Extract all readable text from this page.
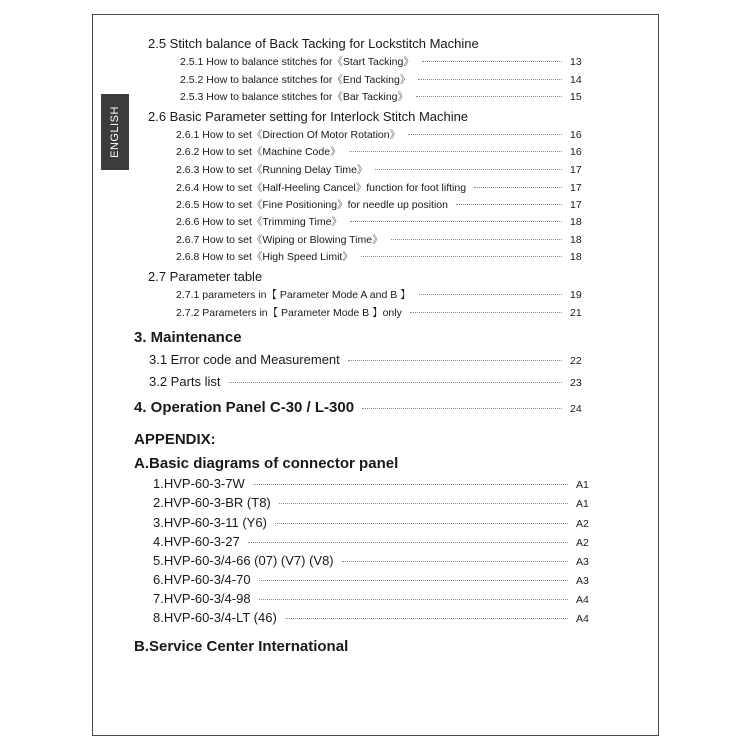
ENGLISH
2.5 Stitch balance of Back Tacking for Lockstitch Machine
2.5.1 How to balance stitches for《Start Tacking》	13
2.5.2 How to balance stitches for《End Tacking》	14
2.5.3 How to balance stitches for《Bar Tacking》	15
2.6 Basic Parameter setting for Interlock Stitch Machine
2.6.1 How to set《Direction Of Motor Rotation》	16
2.6.2 How to set《Machine Code》	16
2.6.3 How to set《Running Delay Time》	17
2.6.4 How to set《Half-Heeling Cancel》function for foot lifting	17
2.6.5 How to set《Fine Positioning》for needle up position	17
2.6.6 How to set《Trimming Time》	18
2.6.7 How to set《Wiping or Blowing Time》	18
2.6.8 How to set《High Speed Limit》	18
2.7 Parameter table
2.7.1 parameters in【 Parameter Mode A and B 】	19
2.7.2 Parameters in【 Parameter Mode B 】only	21
3. Maintenance
3.1 Error code and Measurement	22
3.2 Parts list	23
4. Operation Panel C-30 / L-300	24
APPENDIX:
A.Basic diagrams of connector panel
1.HVP-60-3-7W	A1
2.HVP-60-3-BR (T8)	A1
3.HVP-60-3-11 (Y6)	A2
4.HVP-60-3-27	A2
5.HVP-60-3/4-66 (07) (V7) (V8)	A3
6.HVP-60-3/4-70	A3
7.HVP-60-3/4-98	A4
8.HVP-60-3/4-LT (46)	A4
B.Service Center International
